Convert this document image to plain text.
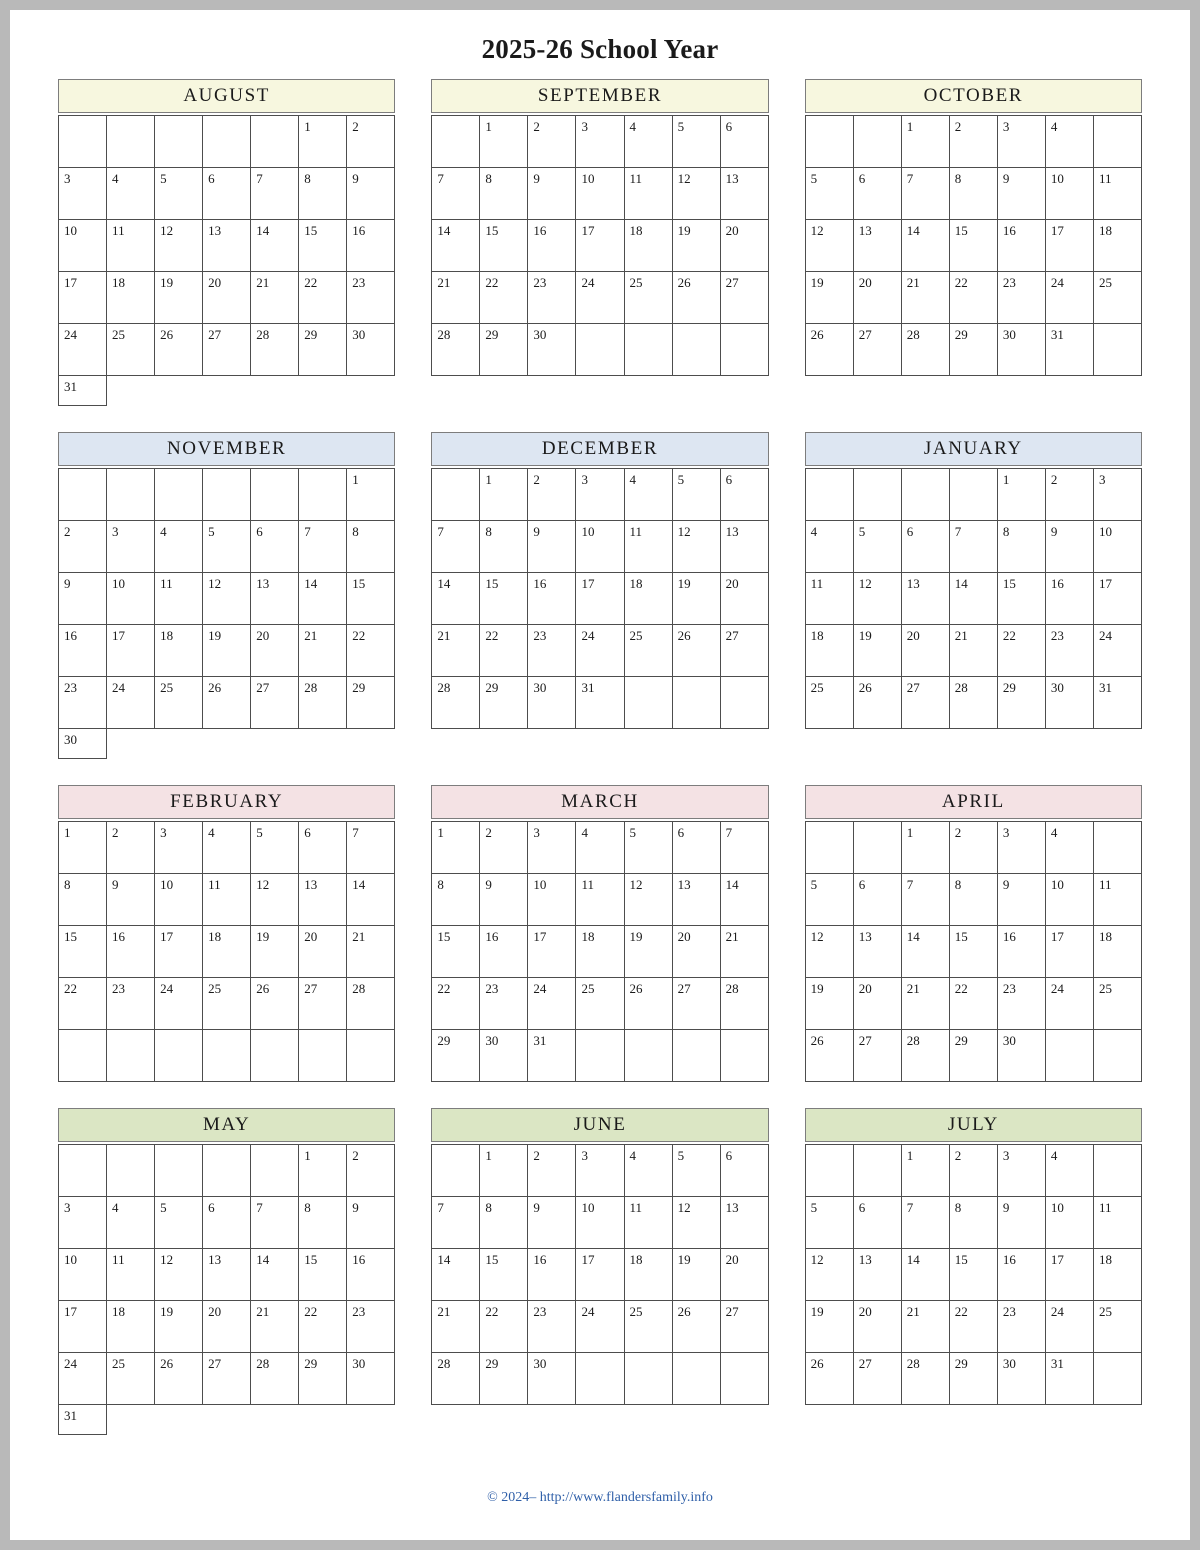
2025-26 School Year
AUGUST
					1	2
3	4	5	6	7	8	9
10	11	12	13	14	15	16
17	18	19	20	21	22	23
24	25	26	27	28	29	30
31						
SEPTEMBER
	1	2	3	4	5	6
7	8	9	10	11	12	13
14	15	16	17	18	19	20
21	22	23	24	25	26	27
28	29	30				
OCTOBER
		1	2	3	4	
5	6	7	8	9	10	11
12	13	14	15	16	17	18
19	20	21	22	23	24	25
26	27	28	29	30	31	
NOVEMBER
						1
2	3	4	5	6	7	8
9	10	11	12	13	14	15
16	17	18	19	20	21	22
23	24	25	26	27	28	29
30						
DECEMBER
	1	2	3	4	5	6
7	8	9	10	11	12	13
14	15	16	17	18	19	20
21	22	23	24	25	26	27
28	29	30	31			
JANUARY
				1	2	3
4	5	6	7	8	9	10
11	12	13	14	15	16	17
18	19	20	21	22	23	24
25	26	27	28	29	30	31
FEBRUARY
1	2	3	4	5	6	7
8	9	10	11	12	13	14
15	16	17	18	19	20	21
22	23	24	25	26	27	28

MARCH
1	2	3	4	5	6	7
8	9	10	11	12	13	14
15	16	17	18	19	20	21
22	23	24	25	26	27	28
29	30	31				
APRIL
		1	2	3	4	
5	6	7	8	9	10	11
12	13	14	15	16	17	18
19	20	21	22	23	24	25
26	27	28	29	30		
MAY
					1	2
3	4	5	6	7	8	9
10	11	12	13	14	15	16
17	18	19	20	21	22	23
24	25	26	27	28	29	30
31						
JUNE
	1	2	3	4	5	6
7	8	9	10	11	12	13
14	15	16	17	18	19	20
21	22	23	24	25	26	27
28	29	30				
JULY
		1	2	3	4	
5	6	7	8	9	10	11
12	13	14	15	16	17	18
19	20	21	22	23	24	25
26	27	28	29	30	31	
© 2024– http://www.flandersfamily.info
